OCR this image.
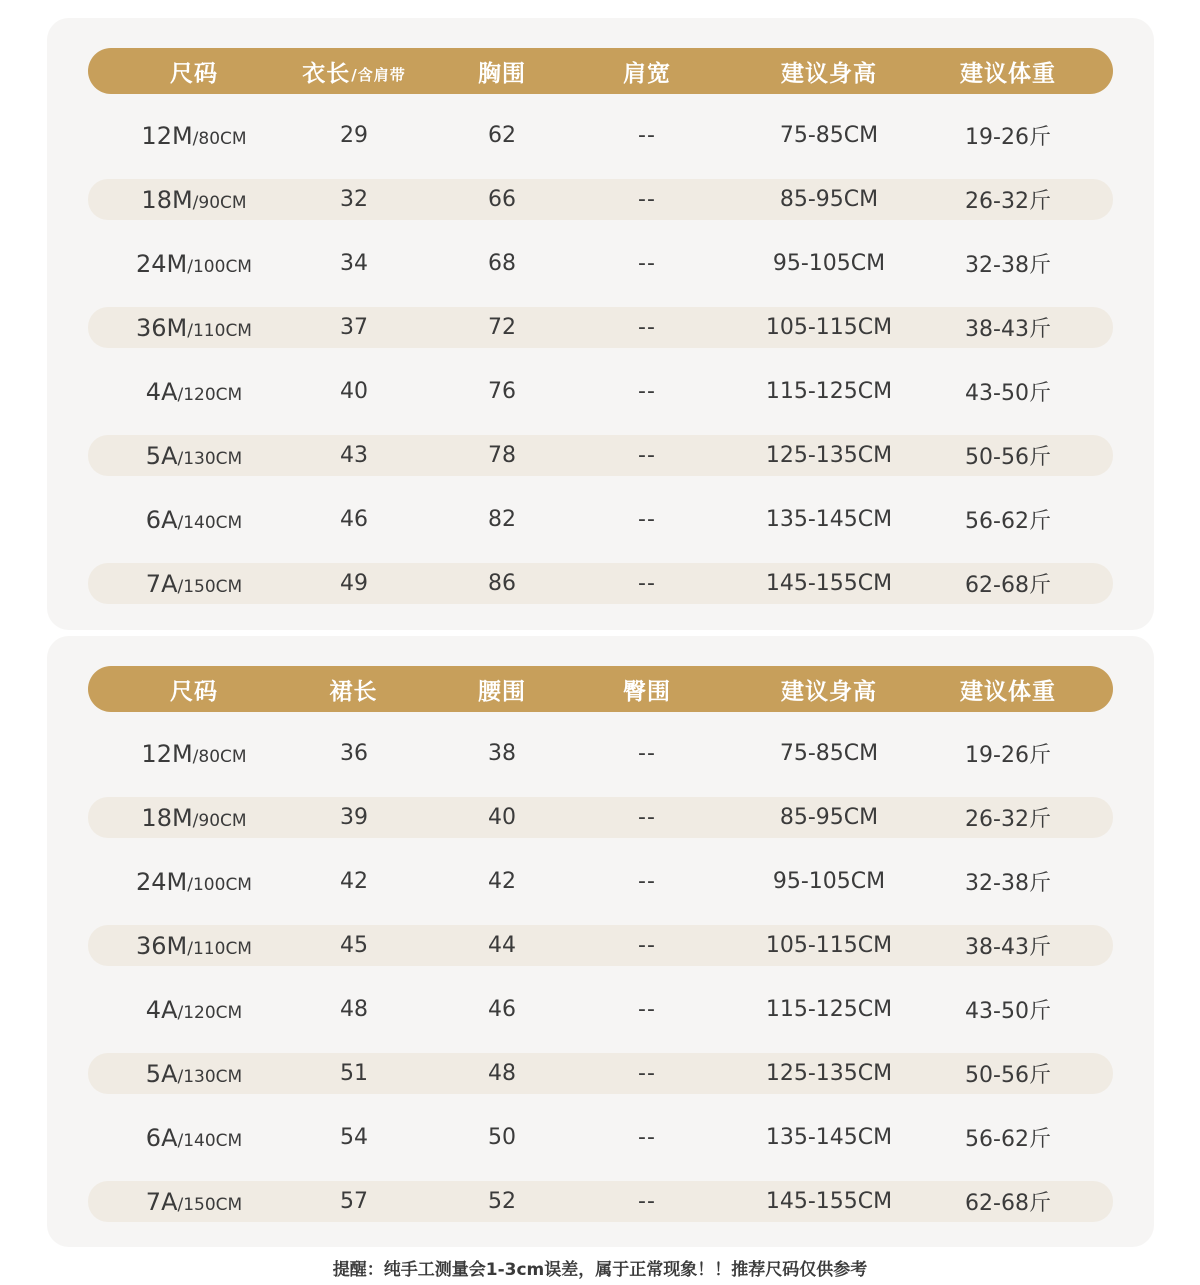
尺码	衣长 /含肩带	胸围	肩宽	建议身高	建议体重
12M /80CM	29	62	--	75-85CM	19-26斤
18M /90CM	32	66	--	85-95CM	26-32斤
24M /100CM	34	68	--	95-105CM	32-38斤
36M /110CM	37	72	--	105-115CM	38-43斤
4A /120CM	40	76	--	115-125CM	43-50斤
5A /130CM	43	78	--	125-135CM	50-56斤
6A /140CM	46	82	--	135-145CM	56-62斤
7A /150CM	49	86	--	145-155CM	62-68斤
尺码	裙长	腰围	臀围	建议身高	建议体重
12M /80CM	36	38	--	75-85CM	19-26斤
18M /90CM	39	40	--	85-95CM	26-32斤
24M /100CM	42	42	--	95-105CM	32-38斤
36M /110CM	45	44	--	105-115CM	38-43斤
4A /120CM	48	46	--	115-125CM	43-50斤
5A /130CM	51	48	--	125-135CM	50-56斤
6A /140CM	54	50	--	135-145CM	56-62斤
7A /150CM	57	52	--	145-155CM	62-68斤
提醒：纯手工测量会1-3cm误差，属于正常现象！！推荐尺码仅供参考
